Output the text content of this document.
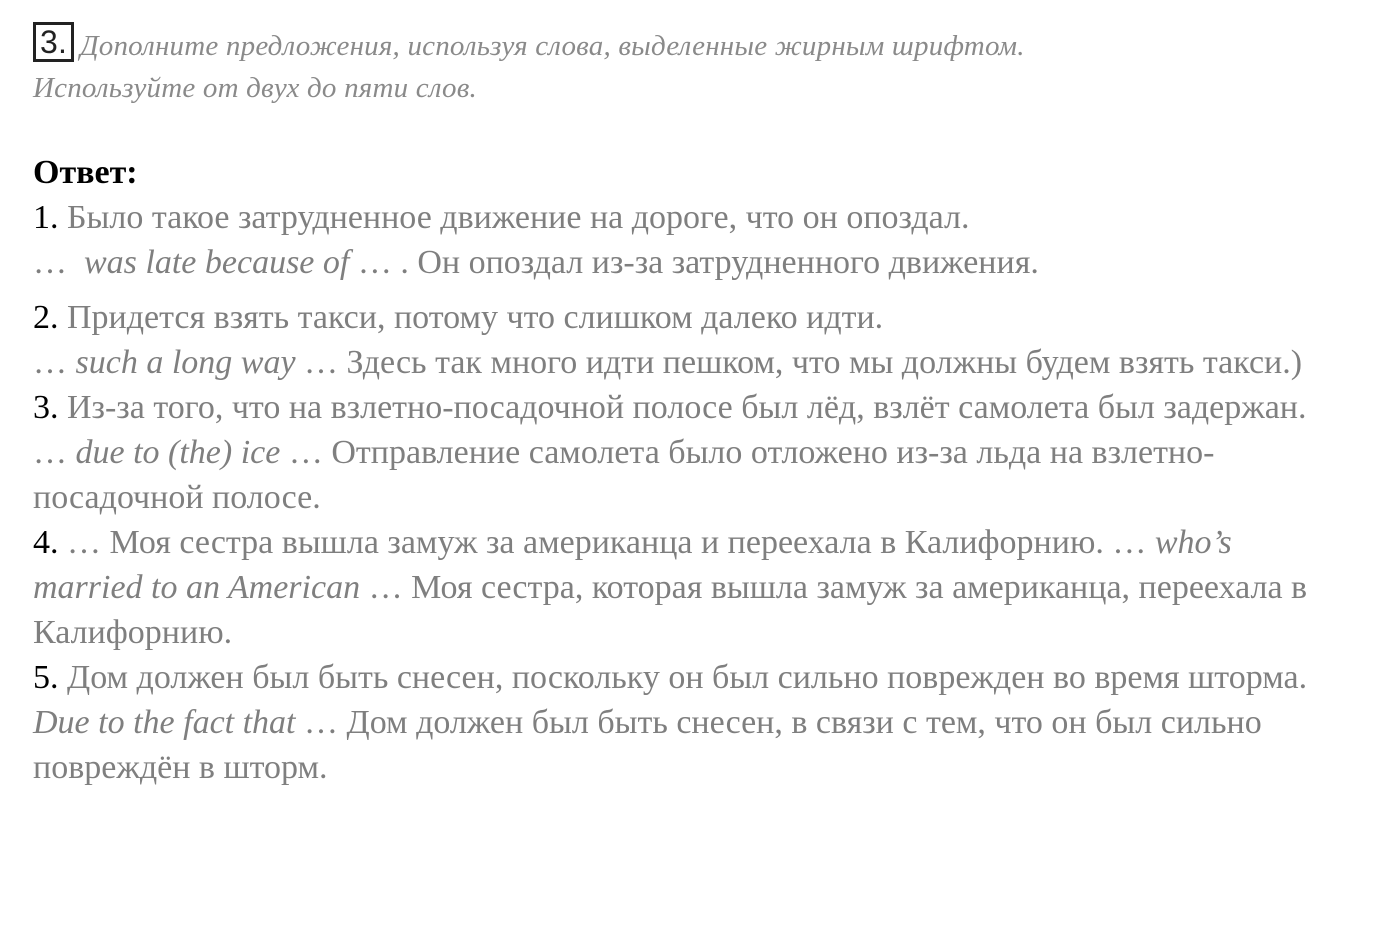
3. Дополните предложения, используя слова, выделенные жирным шрифтом.
Используйте от двух до пяти слов.
Ответ:

1. Было такое затрудненное движение на дороге, что он опоздал.
…  was late because of … . Он опоздал из-за затрудненного движения.

2. Придется взять такси, потому что слишком далеко идти.
… such a long way … Здесь так много идти пешком, что мы должны будем взять такси.)

3. Из-за того, что на взлетно-посадочной полосе был лёд, взлёт самолета был задержан.
… due to (the) ice … Отправление самолета было отложено из-за льда на взлетно-посадочной полосе.

4. … Моя сестра вышла замуж за американца и переехала в Калифорнию. … who’s married to an American … Моя сестра, которая вышла замуж за американца, переехала в Калифорнию.

5. Дом должен был быть снесен, поскольку он был сильно поврежден во время шторма.
Due to the fact that … Дом должен был быть снесен, в связи с тем, что он был сильно повреждён в шторм.
